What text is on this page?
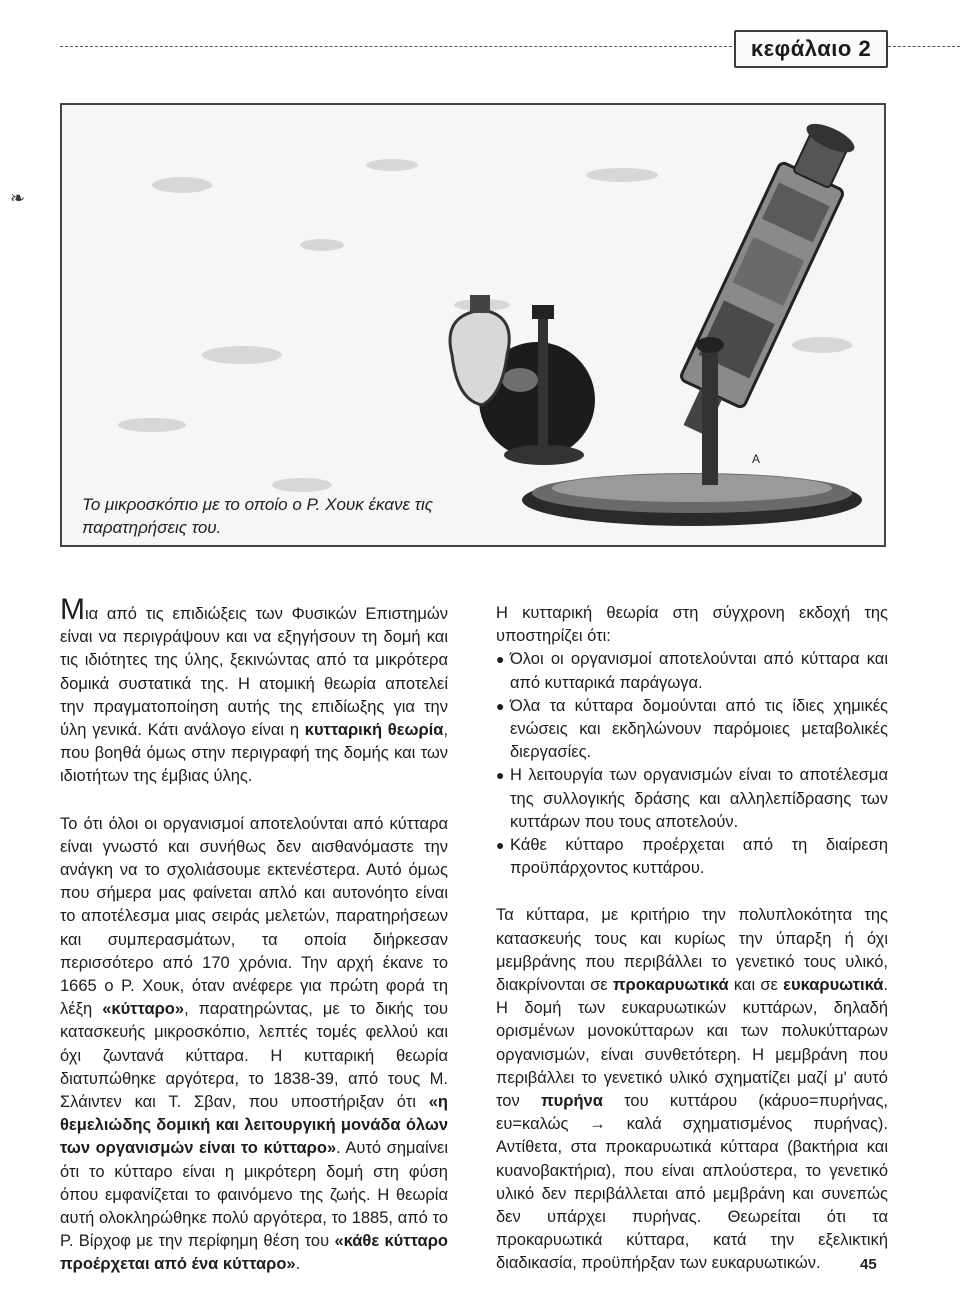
κεφάλαιο 2
❧
A
Το μικροσκόπιο με το οποίο ο Ρ. Χουκ έκανε τις παρατηρήσεις του.

Μια από τις επιδιώξεις των Φυσικών Επιστημών είναι να περιγράψουν και να εξηγήσουν τη δομή και τις ιδιότητες της ύλης, ξεκινώντας από τα μικρότερα δομικά συστατικά της. Η ατομική θεωρία αποτελεί την πραγματοποίηση αυτής της επιδίωξης για την ύλη γενικά. Κάτι ανάλογο είναι η κυτταρική θεωρία, που βοηθά όμως στην περιγραφή της δομής και των ιδιοτήτων της έμβιας ύλης.

Το ότι όλοι οι οργανισμοί αποτελούνται από κύτταρα είναι γνωστό και συνήθως δεν αισθανόμαστε την ανάγκη να το σχολιάσουμε εκτενέστερα. Αυτό όμως που σήμερα μας φαίνεται απλό και αυτονόητο είναι το αποτέλεσμα μιας σειράς μελετών, παρατηρήσεων και συμπερασμάτων, τα οποία διήρκεσαν περισσότερο από 170 χρόνια. Την αρχή έκανε το 1665 ο Ρ. Χουκ, όταν ανέφερε για πρώτη φορά τη λέξη «κύτταρο», παρατηρώντας, με το δικής του κατασκευής μικροσκόπιο, λεπτές τομές φελλού και όχι ζωντανά κύτταρα. Η κυτταρική θεωρία διατυπώθηκε αργότερα, το 1838-39, από τους Μ. Σλάιντεν και Τ. Σβαν, που υποστήριξαν ότι «η θεμελιώδης δομική και λειτουργική μονάδα όλων των οργανισμών είναι το κύτταρο». Αυτό σημαίνει ότι το κύτταρο είναι η μικρότερη δομή στη φύση όπου εμφανίζεται το φαινόμενο της ζωής. Η θεωρία αυτή ολοκληρώθηκε πολύ αργότερα, το 1885, από το Ρ. Βίρχοφ με την περίφημη θέση του «κάθε κύτταρο προέρχεται από ένα κύτταρο».

Η κυτταρική θεωρία στη σύγχρονη εκδοχή της υποστηρίζει ότι:

● Όλοι οι οργανισμοί αποτελούνται από κύτταρα και από κυτταρικά παράγωγα.
● Όλα τα κύτταρα δομούνται από τις ίδιες χημικές ενώσεις και εκδηλώνουν παρόμοιες μεταβολικές διεργασίες.
● Η λειτουργία των οργανισμών είναι το αποτέλεσμα της συλλογικής δράσης και αλληλεπίδρασης των κυττάρων που τους αποτελούν.
● Κάθε κύτταρο προέρχεται από τη διαίρεση προϋπάρχοντος κυττάρου.

Τα κύτταρα, με κριτήριο την πολυπλοκότητα της κατασκευής τους και κυρίως την ύπαρξη ή όχι μεμβράνης που περιβάλλει το γενετικό τους υλικό, διακρίνονται σε προκαρυωτικά και σε ευκαρυωτικά. Η δομή των ευκαρυωτικών κυττάρων, δηλαδή ορισμένων μονοκύτταρων και των πολυκύτταρων οργανισμών, είναι συνθετότερη. Η μεμβράνη που περιβάλλει το γενετικό υλικό σχηματίζει μαζί μ' αυτό τον πυρήνα του κυττάρου (κάρυο=πυρήνας, ευ=καλώς → καλά σχηματισμένος πυρήνας). Αντίθετα, στα προκαρυωτικά κύτταρα (βακτήρια και κυανοβακτήρια), που είναι απλούστερα, το γενετικό υλικό δεν περιβάλλεται από μεμβράνη και συνεπώς δεν υπάρχει πυρήνας. Θεωρείται ότι τα προκαρυωτικά κύτταρα, κατά την εξελικτική διαδικασία, προϋπήρξαν των ευκαρυωτικών.	45
